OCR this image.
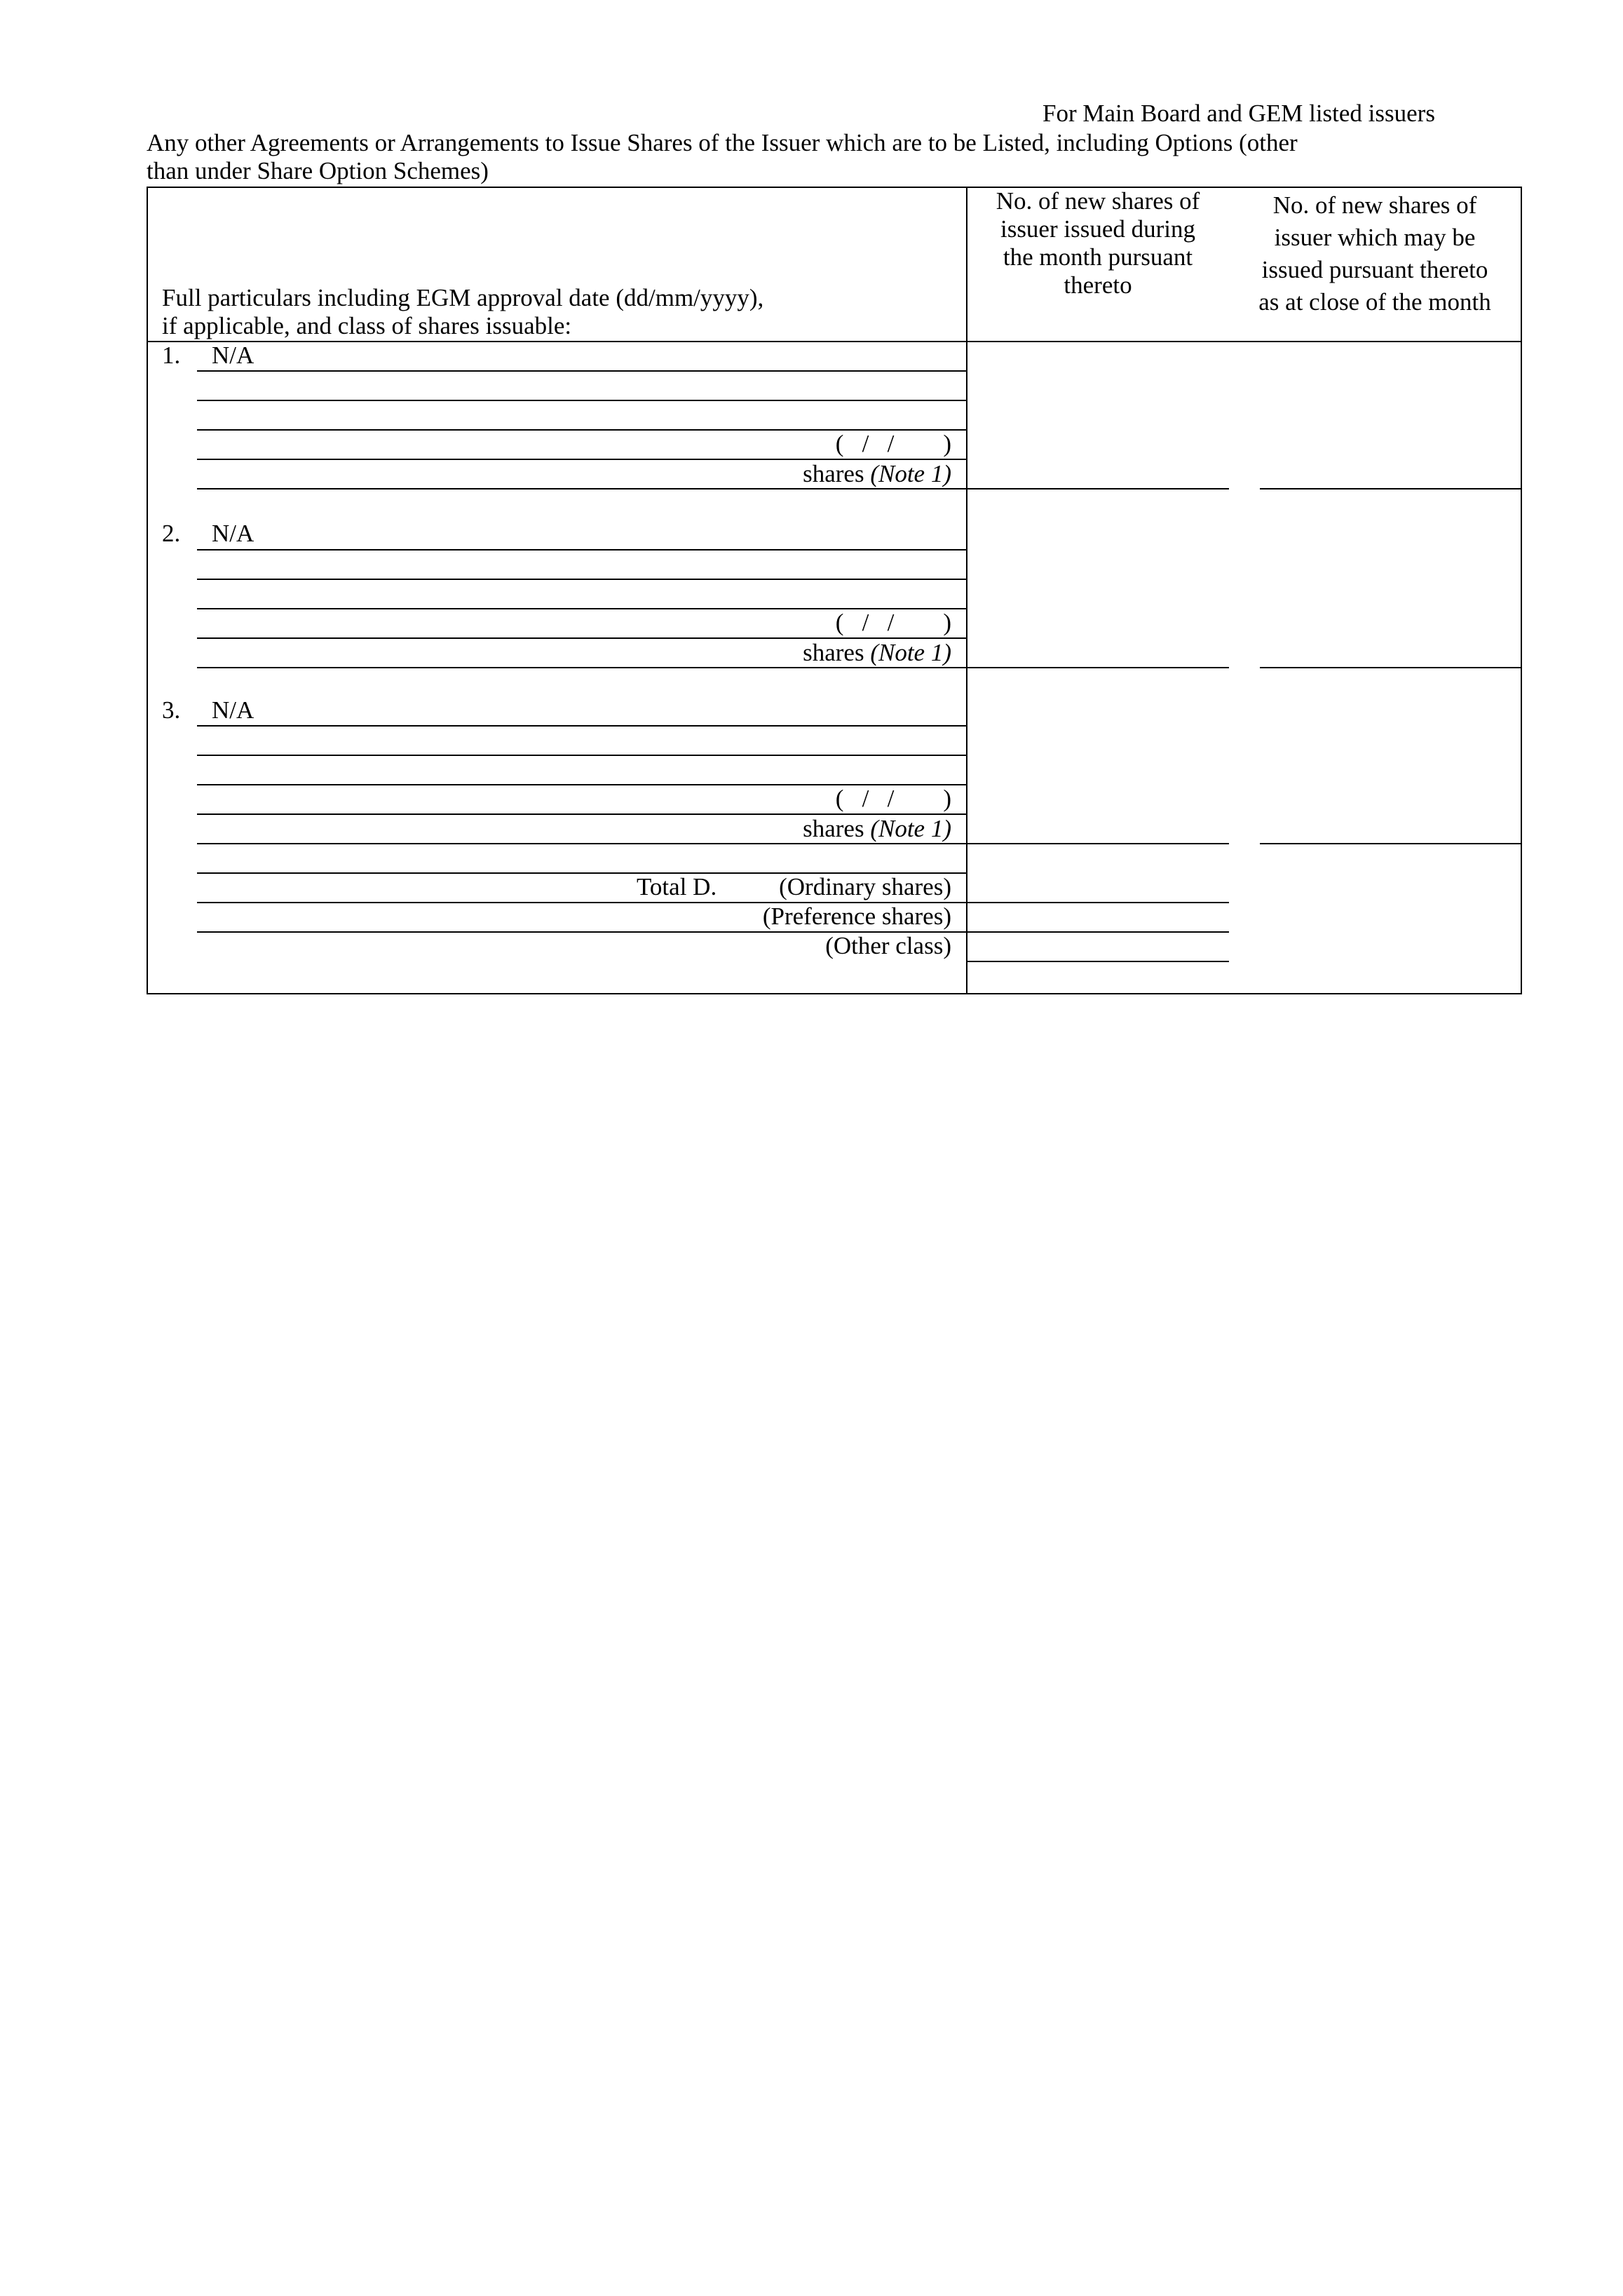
For Main Board and GEM listed issuers
Any other Agreements or Arrangements to Issue Shares of the Issuer which are to be Listed, including Options (other
than under Share Option Schemes)
Full particulars including EGM approval date (dd/mm/yyyy),
if applicable, and class of shares issuable:
No. of new shares of
issuer issued during
the month pursuant
thereto
No. of new shares of
issuer which may be
issued pursuant thereto
as at close of the month
1. N/A
(   /   /        )
shares (Note 1)
2. N/A
(   /   /        )
shares (Note 1)
3. N/A
(   /   /        )
shares (Note 1)
Total D.	(Ordinary shares)
(Preference shares)
(Other class)
